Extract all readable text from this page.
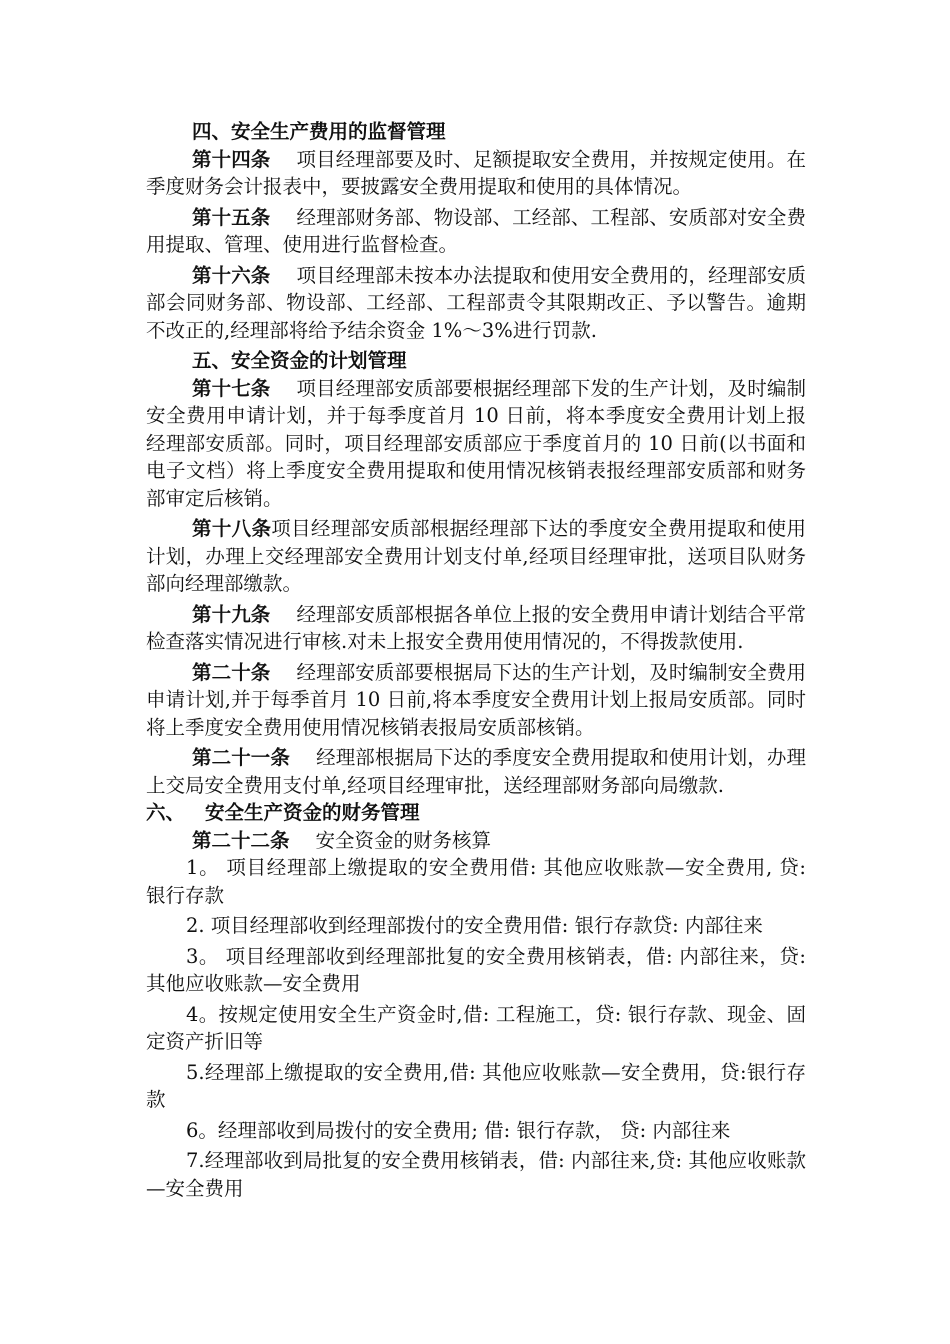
四、安全生产费用的监督管理

第十四条 项目经理部要及时、足额提取安全费用，并按规定使用。在季度财务会计报表中，要披露安全费用提取和使用的具体情况。

第十五条 经理部财务部、物设部、工经部、工程部、安质部对安全费用提取、管理、使用进行监督检查。

第十六条 项目经理部未按本办法提取和使用安全费用的，经理部安质部会同财务部、物设部、工经部、工程部责令其限期改正、予以警告。逾期不改正的,经理部将给予结余资金 1%～3%进行罚款.

五、安全资金的计划管理

第十七条 项目经理部安质部要根据经理部下发的生产计划，及时编制安全费用申请计划，并于每季度首月 10 日前，将本季度安全费用计划上报经理部安质部。同时，项目经理部安质部应于季度首月的 10 日前(以书面和电子文档）将上季度安全费用提取和使用情况核销表报经理部安质部和财务部审定后核销。

第十八条项目经理部安质部根据经理部下达的季度安全费用提取和使用计划，办理上交经理部安全费用计划支付单,经项目经理审批，送项目队财务部向经理部缴款。

第十九条 经理部安质部根据各单位上报的安全费用申请计划结合平常检查落实情况进行审核.对未上报安全费用使用情况的，不得拨款使用.

第二十条 经理部安质部要根据局下达的生产计划，及时编制安全费用申请计划,并于每季首月 10 日前,将本季度安全费用计划上报局安质部。同时将上季度安全费用使用情况核销表报局安质部核销。

第二十一条 经理部根据局下达的季度安全费用提取和使用计划，办理上交局安全费用支付单,经项目经理审批，送经理部财务部向局缴款.

六、 安全生产资金的财务管理

第二十二条 安全资金的财务核算

1。 项目经理部上缴提取的安全费用借: 其他应收账款—安全费用, 贷: 银行存款

2. 项目经理部收到经理部拨付的安全费用借: 银行存款贷: 内部往来

3。 项目经理部收到经理部批复的安全费用核销表，借: 内部往来，贷: 其他应收账款—安全费用

4。按规定使用安全生产资金时,借: 工程施工，贷: 银行存款、现金、固定资产折旧等

5.经理部上缴提取的安全费用,借: 其他应收账款—安全费用，贷:银行存款

6。经理部收到局拨付的安全费用; 借: 银行存款， 贷: 内部往来

7.经理部收到局批复的安全费用核销表，借: 内部往来,贷: 其他应收账款—安全费用
